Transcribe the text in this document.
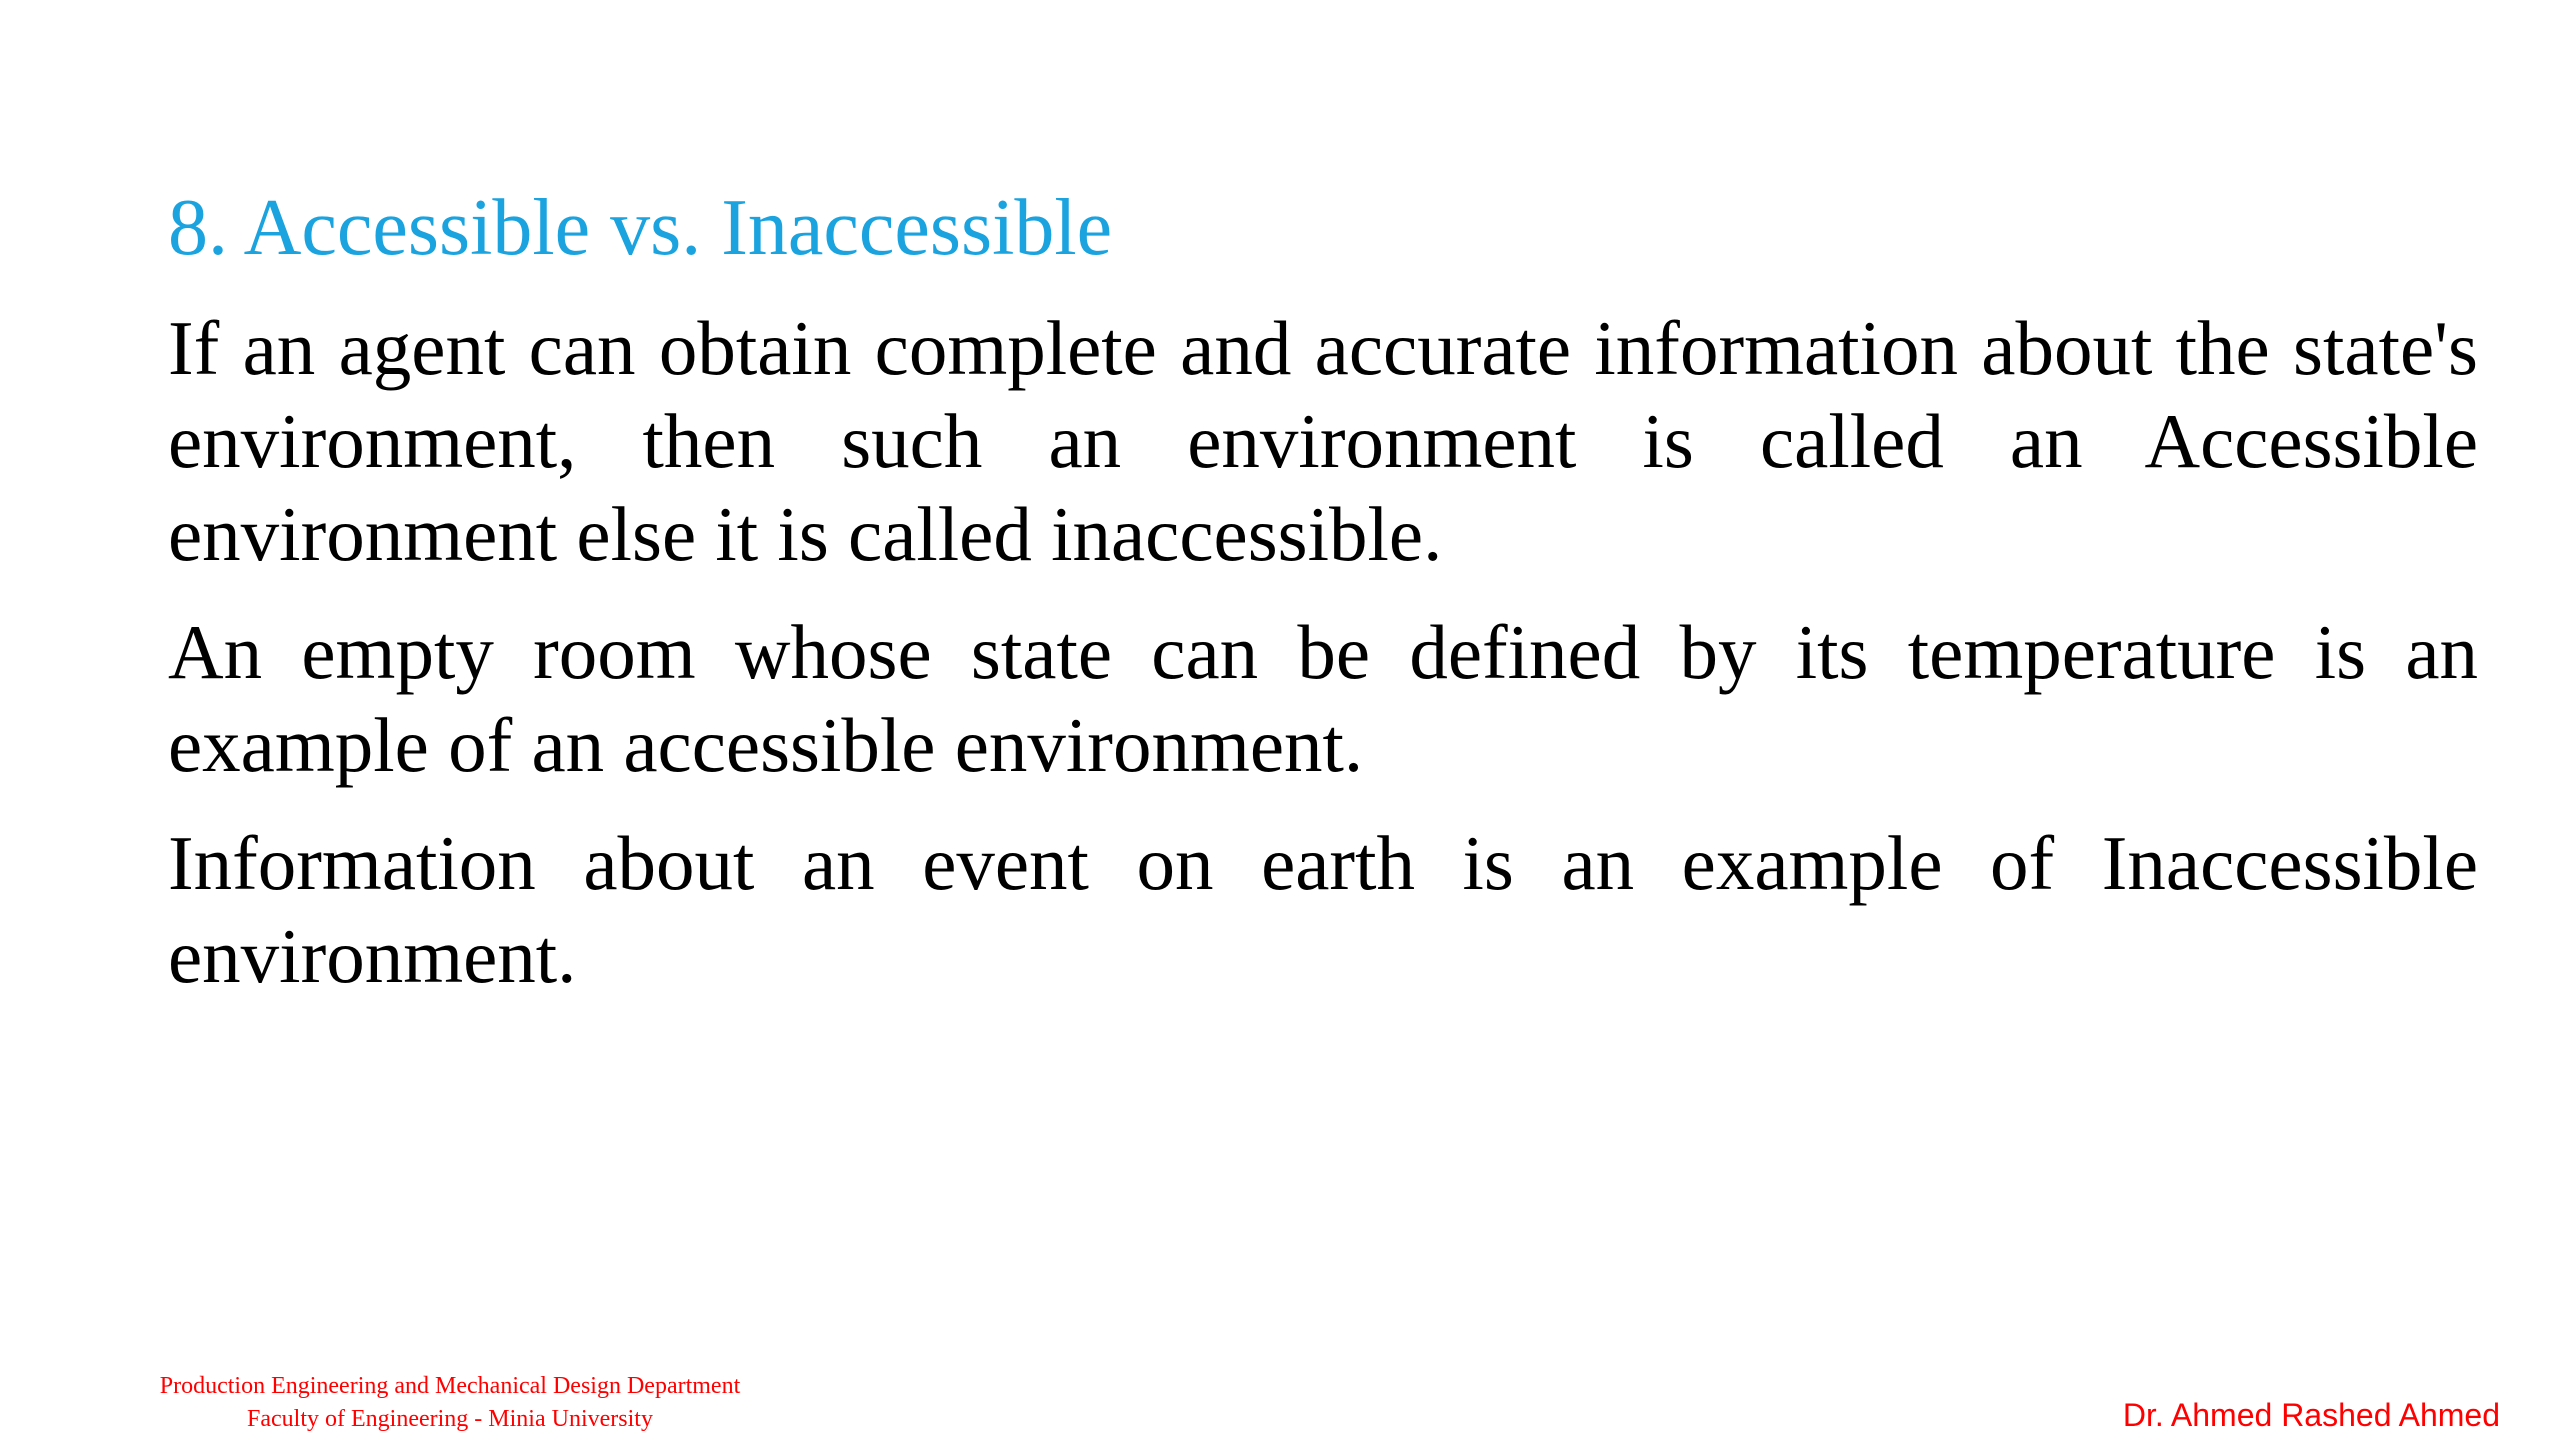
8. Accessible vs. Inaccessible

If an agent can obtain complete and accurate information about the state's environment, then such an environment is called an Accessible environment else it is called inaccessible.

An empty room whose state can be defined by its temperature is an example of an accessible environment.

Information about an event on earth is an example of Inaccessible environment.

Production Engineering and Mechanical Design Department
Faculty of Engineering - Minia University	Dr. Ahmed Rashed Ahmed
